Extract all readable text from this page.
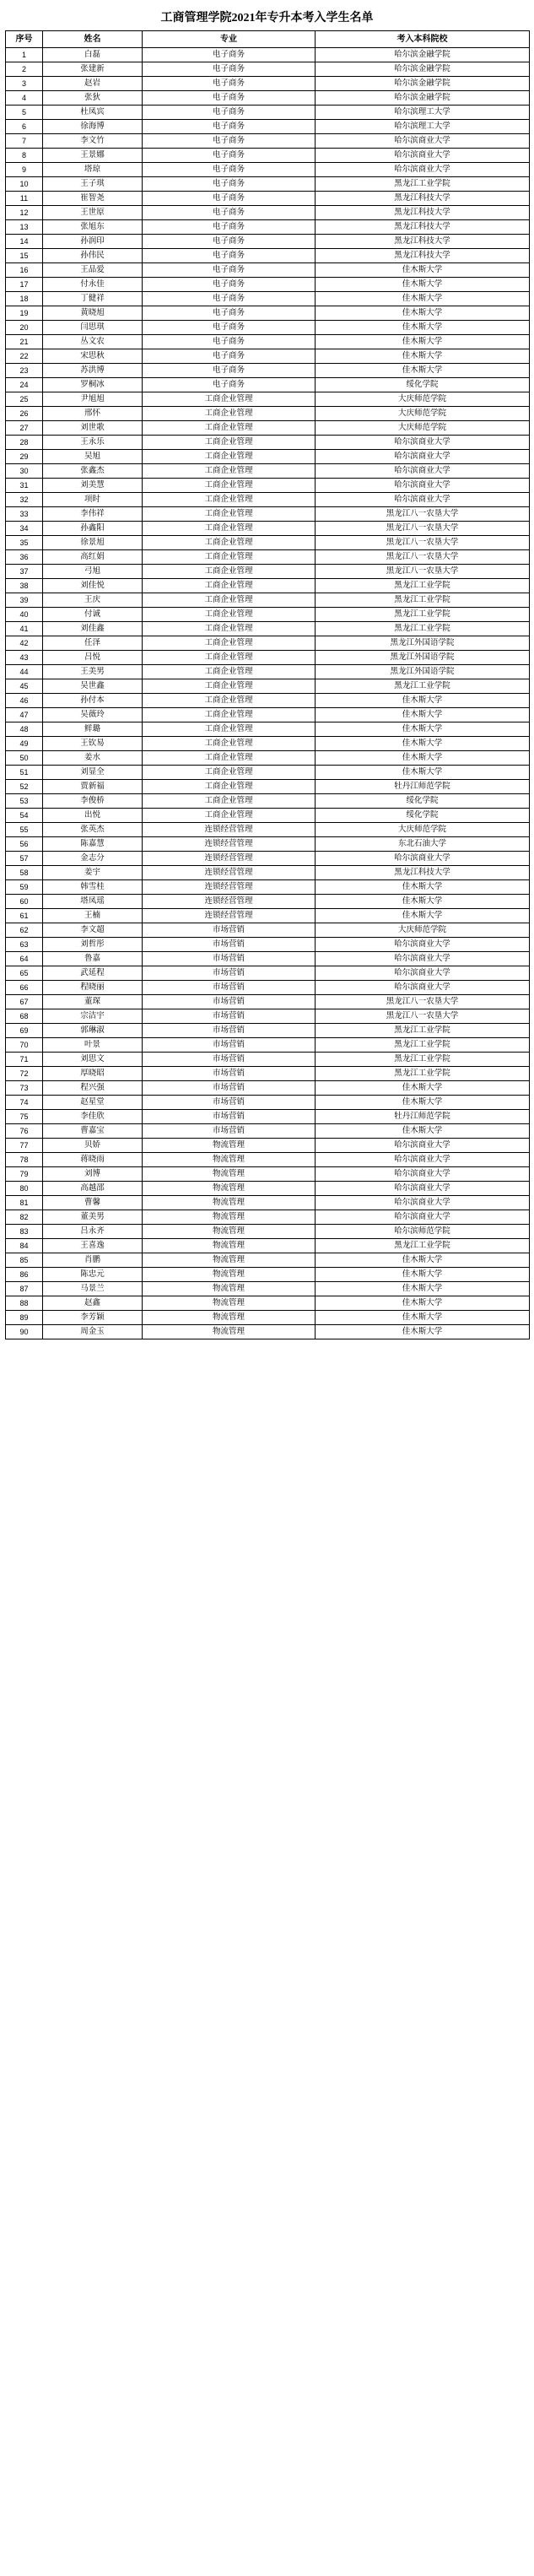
工商管理学院2021年专升本考入学生名单
序号	姓名	专业	考入本科院校
1	白磊	电子商务	哈尔滨金融学院
2	张建新	电子商务	哈尔滨金融学院
3	赵岩	电子商务	哈尔滨金融学院
4	张狄	电子商务	哈尔滨金融学院
5	杜凤宾	电子商务	哈尔滨理工大学
6	徐海博	电子商务	哈尔滨理工大学
7	李文竹	电子商务	哈尔滨商业大学
8	王景娜	电子商务	哈尔滨商业大学
9	塔琼	电子商务	哈尔滨商业大学
10	王子琪	电子商务	黑龙江工业学院
11	崔智尧	电子商务	黑龙江科技大学
12	王世原	电子商务	黑龙江科技大学
13	张旭东	电子商务	黑龙江科技大学
14	孙润印	电子商务	黑龙江科技大学
15	孙伟民	电子商务	黑龙江科技大学
16	王品爱	电子商务	佳木斯大学
17	付永佳	电子商务	佳木斯大学
18	丁健祥	电子商务	佳木斯大学
19	黄晓旭	电子商务	佳木斯大学
20	闫思琪	电子商务	佳木斯大学
21	丛文农	电子商务	佳木斯大学
22	宋思秋	电子商务	佳木斯大学
23	苏洪博	电子商务	佳木斯大学
24	罗桐冰	电子商务	绥化学院
25	尹旭旭	工商企业管理	大庆师范学院
26	邢怀	工商企业管理	大庆师范学院
27	刘世歌	工商企业管理	大庆师范学院
28	王永乐	工商企业管理	哈尔滨商业大学
29	吴旭	工商企业管理	哈尔滨商业大学
30	张鑫杰	工商企业管理	哈尔滨商业大学
31	刘美慧	工商企业管理	哈尔滨商业大学
32	项时	工商企业管理	哈尔滨商业大学
33	李伟祥	工商企业管理	黑龙江八一农垦大学
34	孙鑫阳	工商企业管理	黑龙江八一农垦大学
35	徐景旭	工商企业管理	黑龙江八一农垦大学
36	高红娟	工商企业管理	黑龙江八一农垦大学
37	弓旭	工商企业管理	黑龙江八一农垦大学
38	刘佳悦	工商企业管理	黑龙江工业学院
39	王庆	工商企业管理	黑龙江工业学院
40	付诚	工商企业管理	黑龙江工业学院
41	刘佳鑫	工商企业管理	黑龙江工业学院
42	任泽	工商企业管理	黑龙江外国语学院
43	吕悦	工商企业管理	黑龙江外国语学院
44	王美男	工商企业管理	黑龙江外国语学院
45	吴世鑫	工商企业管理	黑龙江工业学院
46	孙付本	工商企业管理	佳木斯大学
47	吴薇玲	工商企业管理	佳木斯大学
48	鲜璐	工商企业管理	佳木斯大学
49	王钦易	工商企业管理	佳木斯大学
50	姜水	工商企业管理	佳木斯大学
51	刘显全	工商企业管理	佳木斯大学
52	贾新福	工商企业管理	牡丹江师范学院
53	李俊桥	工商企业管理	绥化学院
54	出悦	工商企业管理	绥化学院
55	张英杰	连锁经营管理	大庆师范学院
56	陈嘉慧	连锁经营管理	东北石油大学
57	金志分	连锁经营管理	哈尔滨商业大学
58	姜宇	连锁经营管理	黑龙江科技大学
59	韩雪桂	连锁经营管理	佳木斯大学
60	塔凤瑶	连锁经营管理	佳木斯大学
61	王楠	连锁经营管理	佳木斯大学
62	李文超	市场营销	大庆师范学院
63	刘哲彤	市场营销	哈尔滨商业大学
64	鲁嘉	市场营销	哈尔滨商业大学
65	武延程	市场营销	哈尔滨商业大学
66	程晓丽	市场营销	哈尔滨商业大学
67	董琛	市场营销	黑龙江八一农垦大学
68	宗洁宇	市场营销	黑龙江八一农垦大学
69	郭琳淑	市场营销	黑龙江工业学院
70	叶景	市场营销	黑龙江工业学院
71	刘思文	市场营销	黑龙江工业学院
72	厚晓昭	市场营销	黑龙江工业学院
73	程兴强	市场营销	佳木斯大学
74	赵星堂	市场营销	佳木斯大学
75	李佳欣	市场营销	牡丹江师范学院
76	曹嘉宝	市场营销	佳木斯大学
77	贝娇	物流管理	哈尔滨商业大学
78	蒋晓雨	物流管理	哈尔滨商业大学
79	刘博	物流管理	哈尔滨商业大学
80	高越邵	物流管理	哈尔滨商业大学
81	曹馨	物流管理	哈尔滨商业大学
82	董美男	物流管理	哈尔滨商业大学
83	吕永齐	物流管理	哈尔滨师范学院
84	王喜逸	物流管理	黑龙江工业学院
85	肖鹏	物流管理	佳木斯大学
86	陈忠元	物流管理	佳木斯大学
87	马景兰	物流管理	佳木斯大学
88	赵鑫	物流管理	佳木斯大学
89	李芳颖	物流管理	佳木斯大学
90	周金玉	物流管理	佳木斯大学
